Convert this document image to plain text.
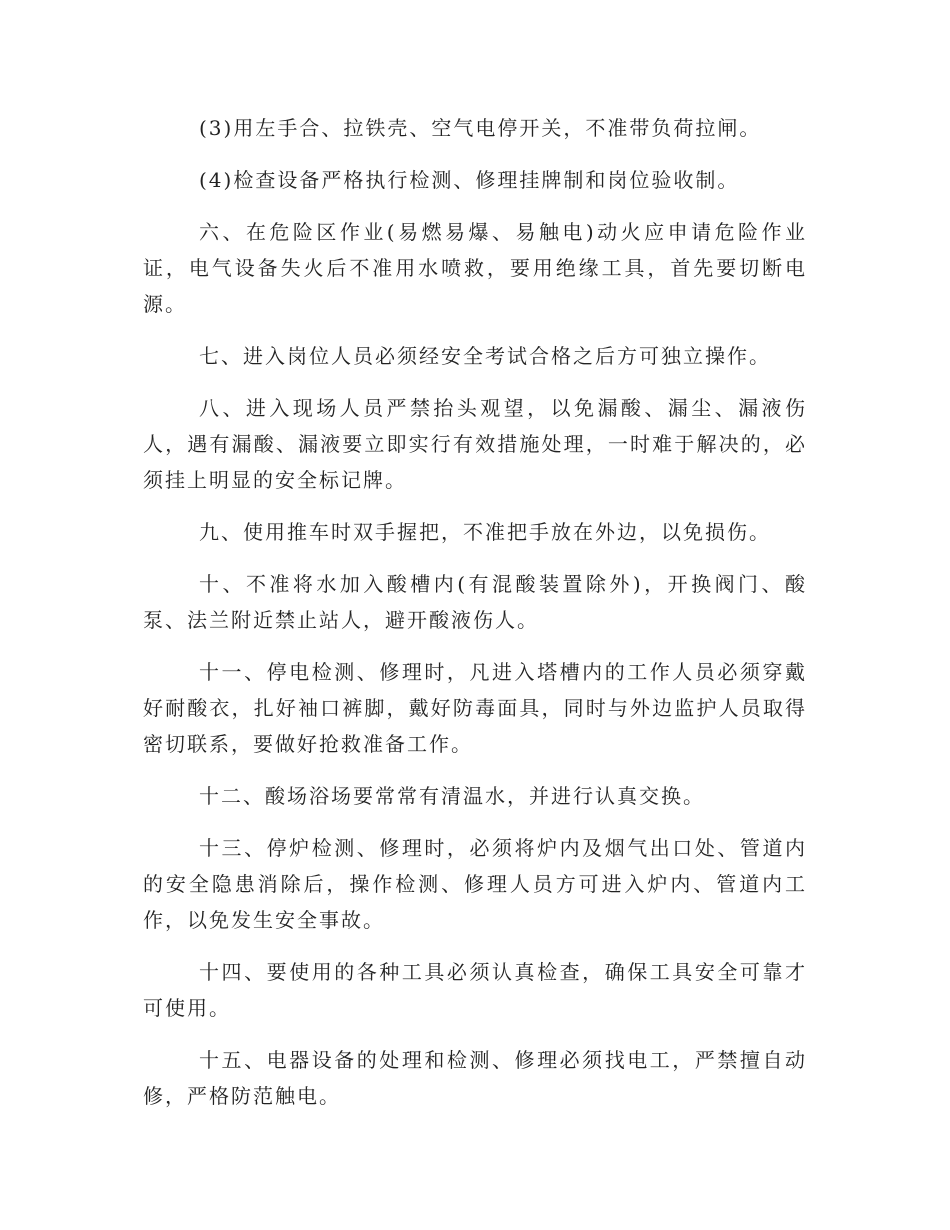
(3)用左手合、拉铁壳、空气电停开关，不准带负荷拉闸。

(4)检查设备严格执行检测、修理挂牌制和岗位验收制。

六、在危险区作业(易燃易爆、易触电)动火应申请危险作业证，电气设备失火后不准用水喷救，要用绝缘工具，首先要切断电源。

七、进入岗位人员必须经安全考试合格之后方可独立操作。

八、进入现场人员严禁抬头观望，以免漏酸、漏尘、漏液伤人，遇有漏酸、漏液要立即实行有效措施处理，一时难于解决的，必须挂上明显的安全标记牌。

九、使用推车时双手握把，不准把手放在外边，以免损伤。

十、不准将水加入酸槽内(有混酸装置除外)，开换阀门、酸泵、法兰附近禁止站人，避开酸液伤人。

十一、停电检测、修理时，凡进入塔槽内的工作人员必须穿戴好耐酸衣，扎好袖口裤脚，戴好防毒面具，同时与外边监护人员取得密切联系，要做好抢救准备工作。

十二、酸场浴场要常常有清温水，并进行认真交换。

十三、停炉检测、修理时，必须将炉内及烟气出口处、管道内的安全隐患消除后，操作检测、修理人员方可进入炉内、管道内工作，以免发生安全事故。

十四、要使用的各种工具必须认真检查，确保工具安全可靠才可使用。

十五、电器设备的处理和检测、修理必须找电工，严禁擅自动修，严格防范触电。
